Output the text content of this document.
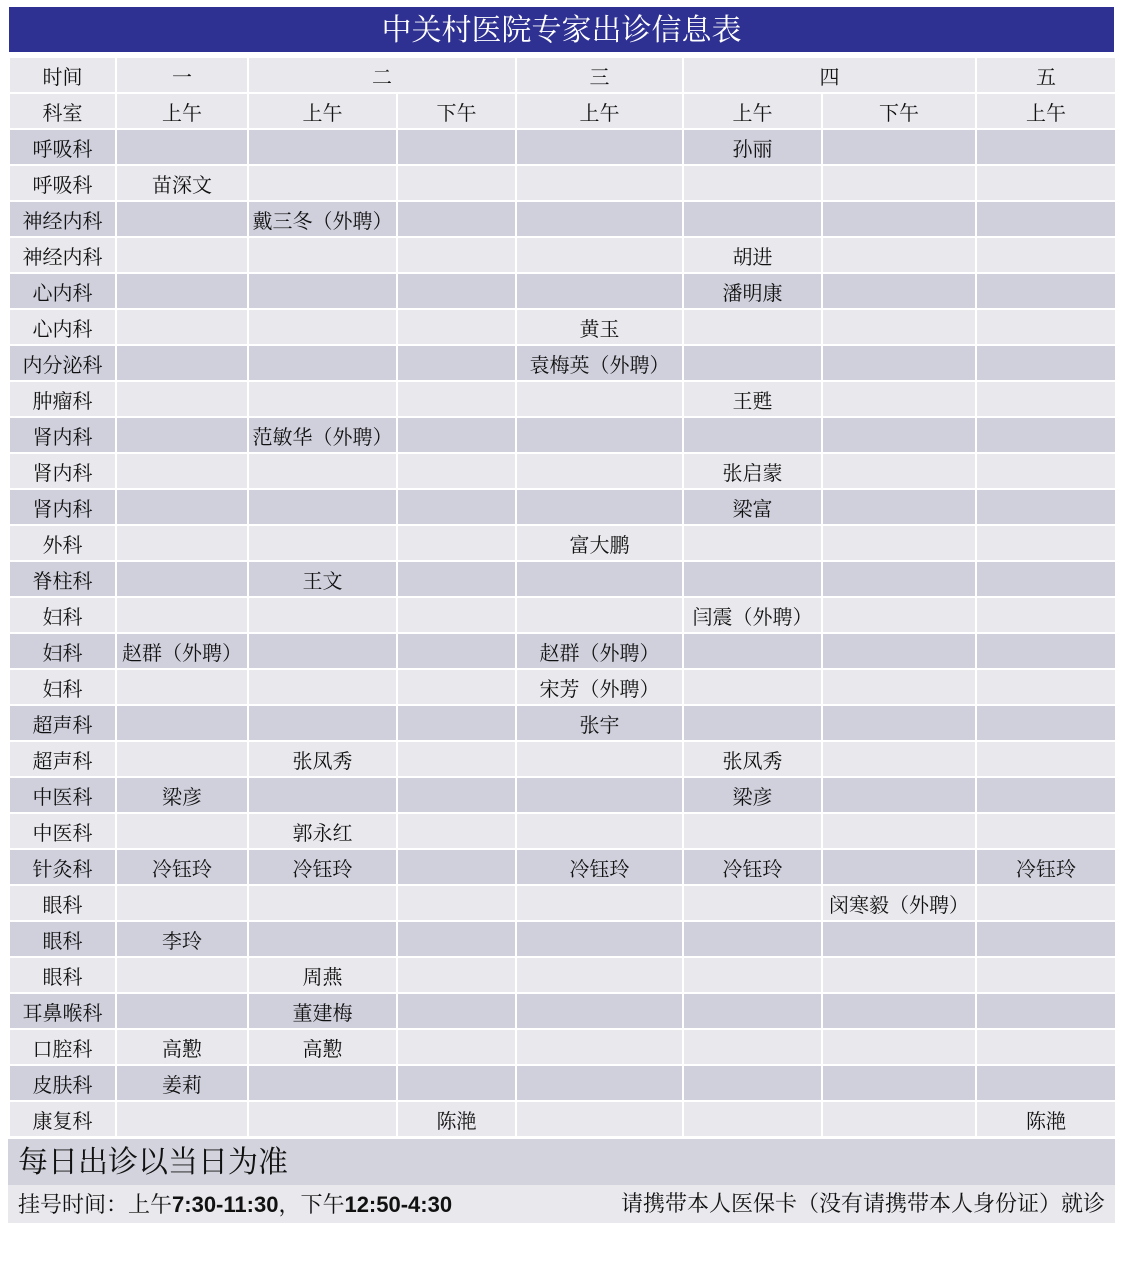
中关村医院专家出诊信息表
时间	一	二		三	四		五
科室	上午	上午	下午	上午	上午	下午	上午
呼吸科					孙丽		
呼吸科	苗深文						
神经内科		戴三冬（外聘）					
神经内科					胡进		
心内科					潘明康		
心内科				黄玉			
内分泌科				袁梅英（外聘）			
肿瘤科					王甦		
肾内科		范敏华（外聘）					
肾内科					张启蒙		
肾内科					梁富		
外科				富大鹏			
脊柱科		王文					
妇科					闫震（外聘）		
妇科	赵群（外聘）			赵群（外聘）			
妇科				宋芳（外聘）			
超声科				张宇			
超声科		张凤秀			张凤秀		
中医科	梁彦				梁彦		
中医科		郭永红					
针灸科	冷钰玲	冷钰玲		冷钰玲	冷钰玲		冷钰玲
眼科						闵寒毅（外聘）	
眼科	李玲						
眼科		周燕					
耳鼻喉科		董建梅					
口腔科	高懃	高懃					
皮肤科	姜莉						
康复科			陈滟				陈滟
每日出诊以当日为准
挂号时间：上午7:30-11:30，下午12:50-4:30	请携带本人医保卡（没有请携带本人身份证）就诊
